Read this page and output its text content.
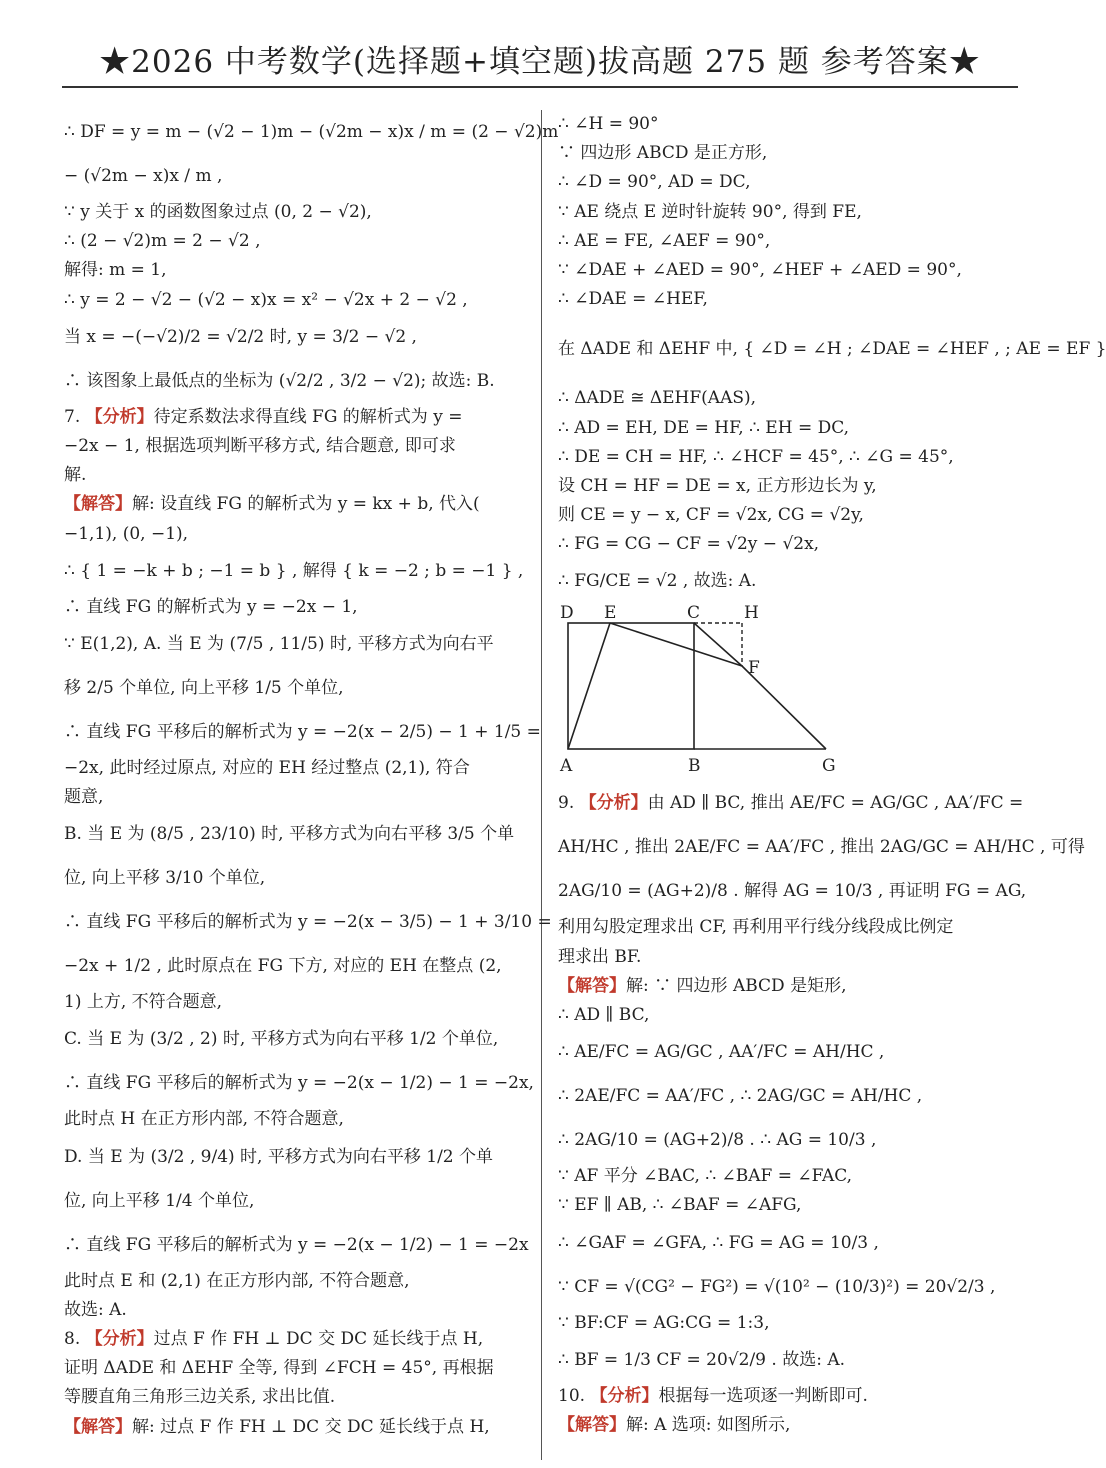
★2026 中考数学(选择题+填空题)拔高题 275 题 参考答案★
∴ DF = y = m − (√2 − 1)m − (√2m − x)x / m = (2 − √2)m
− (√2m − x)x / m ,
∵ y 关于 x 的函数图象过点 (0, 2 − √2),
∴ (2 − √2)m = 2 − √2 ,
解得: m = 1,
∴ y = 2 − √2 − (√2 − x)x = x² − √2x + 2 − √2 ,
当 x = −(−√2)/2 = √2/2 时, y = 3/2 − √2 ,
∴ 该图象上最低点的坐标为 (√2/2 , 3/2 − √2); 故选: B.
7. 【分析】待定系数法求得直线 FG 的解析式为 y =
−2x − 1, 根据选项判断平移方式, 结合题意, 即可求
解.
【解答】解: 设直线 FG 的解析式为 y = kx + b, 代入(
−1,1), (0, −1),
∴ { 1 = −k + b ; −1 = b } , 解得 { k = −2 ; b = −1 } ,
∴ 直线 FG 的解析式为 y = −2x − 1,
∵ E(1,2), A. 当 E 为 (7/5 , 11/5) 时, 平移方式为向右平
移 2/5 个单位, 向上平移 1/5 个单位,
∴ 直线 FG 平移后的解析式为 y = −2(x − 2/5) − 1 + 1/5 =
−2x, 此时经过原点, 对应的 EH 经过整点 (2,1), 符合
题意,
B. 当 E 为 (8/5 , 23/10) 时, 平移方式为向右平移 3/5 个单
位, 向上平移 3/10 个单位,
∴ 直线 FG 平移后的解析式为 y = −2(x − 3/5) − 1 + 3/10 =
−2x + 1/2 , 此时原点在 FG 下方, 对应的 EH 在整点 (2,
1) 上方, 不符合题意,
C. 当 E 为 (3/2 , 2) 时, 平移方式为向右平移 1/2 个单位,
∴ 直线 FG 平移后的解析式为 y = −2(x − 1/2) − 1 = −2x,
此时点 H 在正方形内部, 不符合题意,
D. 当 E 为 (3/2 , 9/4) 时, 平移方式为向右平移 1/2 个单
位, 向上平移 1/4 个单位,
∴ 直线 FG 平移后的解析式为 y = −2(x − 1/2) − 1 = −2x
此时点 E 和 (2,1) 在正方形内部, 不符合题意,
故选: A.
8. 【分析】过点 F 作 FH ⊥ DC 交 DC 延长线于点 H,
证明 ΔADE 和 ΔEHF 全等, 得到 ∠FCH = 45°, 再根据
等腰直角三角形三边关系, 求出比值.
【解答】解: 过点 F 作 FH ⊥ DC 交 DC 延长线于点 H,
∴ ∠H = 90°
∵ 四边形 ABCD 是正方形,
∴ ∠D = 90°, AD = DC,
∵ AE 绕点 E 逆时针旋转 90°, 得到 FE,
∴ AE = FE, ∠AEF = 90°,
∵ ∠DAE + ∠AED = 90°, ∠HEF + ∠AED = 90°,
∴ ∠DAE = ∠HEF,
在 ΔADE 和 ΔEHF 中, { ∠D = ∠H ; ∠DAE = ∠HEF , ; AE = EF }
∴ ΔADE ≅ ΔEHF(AAS),
∴ AD = EH, DE = HF, ∴ EH = DC,
∴ DE = CH = HF, ∴ ∠HCF = 45°, ∴ ∠G = 45°,
设 CH = HF = DE = x, 正方形边长为 y,
则 CE = y − x, CF = √2x, CG = √2y,
∴ FG = CG − CF = √2y − √2x,
∴ FG/CE = √2 , 故选: A.
D E	C	H
F
A	B	G
9. 【分析】由 AD ∥ BC, 推出 AE/FC = AG/GC , AA′/FC =
AH/HC , 推出 2AE/FC = AA′/FC , 推出 2AG/GC = AH/HC , 可得
2AG/10 = (AG+2)/8 . 解得 AG = 10/3 , 再证明 FG = AG,
利用勾股定理求出 CF, 再利用平行线分线段成比例定
理求出 BF.
【解答】解: ∵ 四边形 ABCD 是矩形,
∴ AD ∥ BC,
∴ AE/FC = AG/GC , AA′/FC = AH/HC ,
∴ 2AE/FC = AA′/FC , ∴ 2AG/GC = AH/HC ,
∴ 2AG/10 = (AG+2)/8 . ∴ AG = 10/3 ,
∵ AF 平分 ∠BAC, ∴ ∠BAF = ∠FAC,
∵ EF ∥ AB, ∴ ∠BAF = ∠AFG,
∴ ∠GAF = ∠GFA, ∴ FG = AG = 10/3 ,
∵ CF = √(CG² − FG²) = √(10² − (10/3)²) = 20√2/3 ,
∵ BF:CF = AG:CG = 1:3,
∴ BF = 1/3 CF = 20√2/9 . 故选: A.
10. 【分析】根据每一选项逐一判断即可.
【解答】解: A 选项: 如图所示,
